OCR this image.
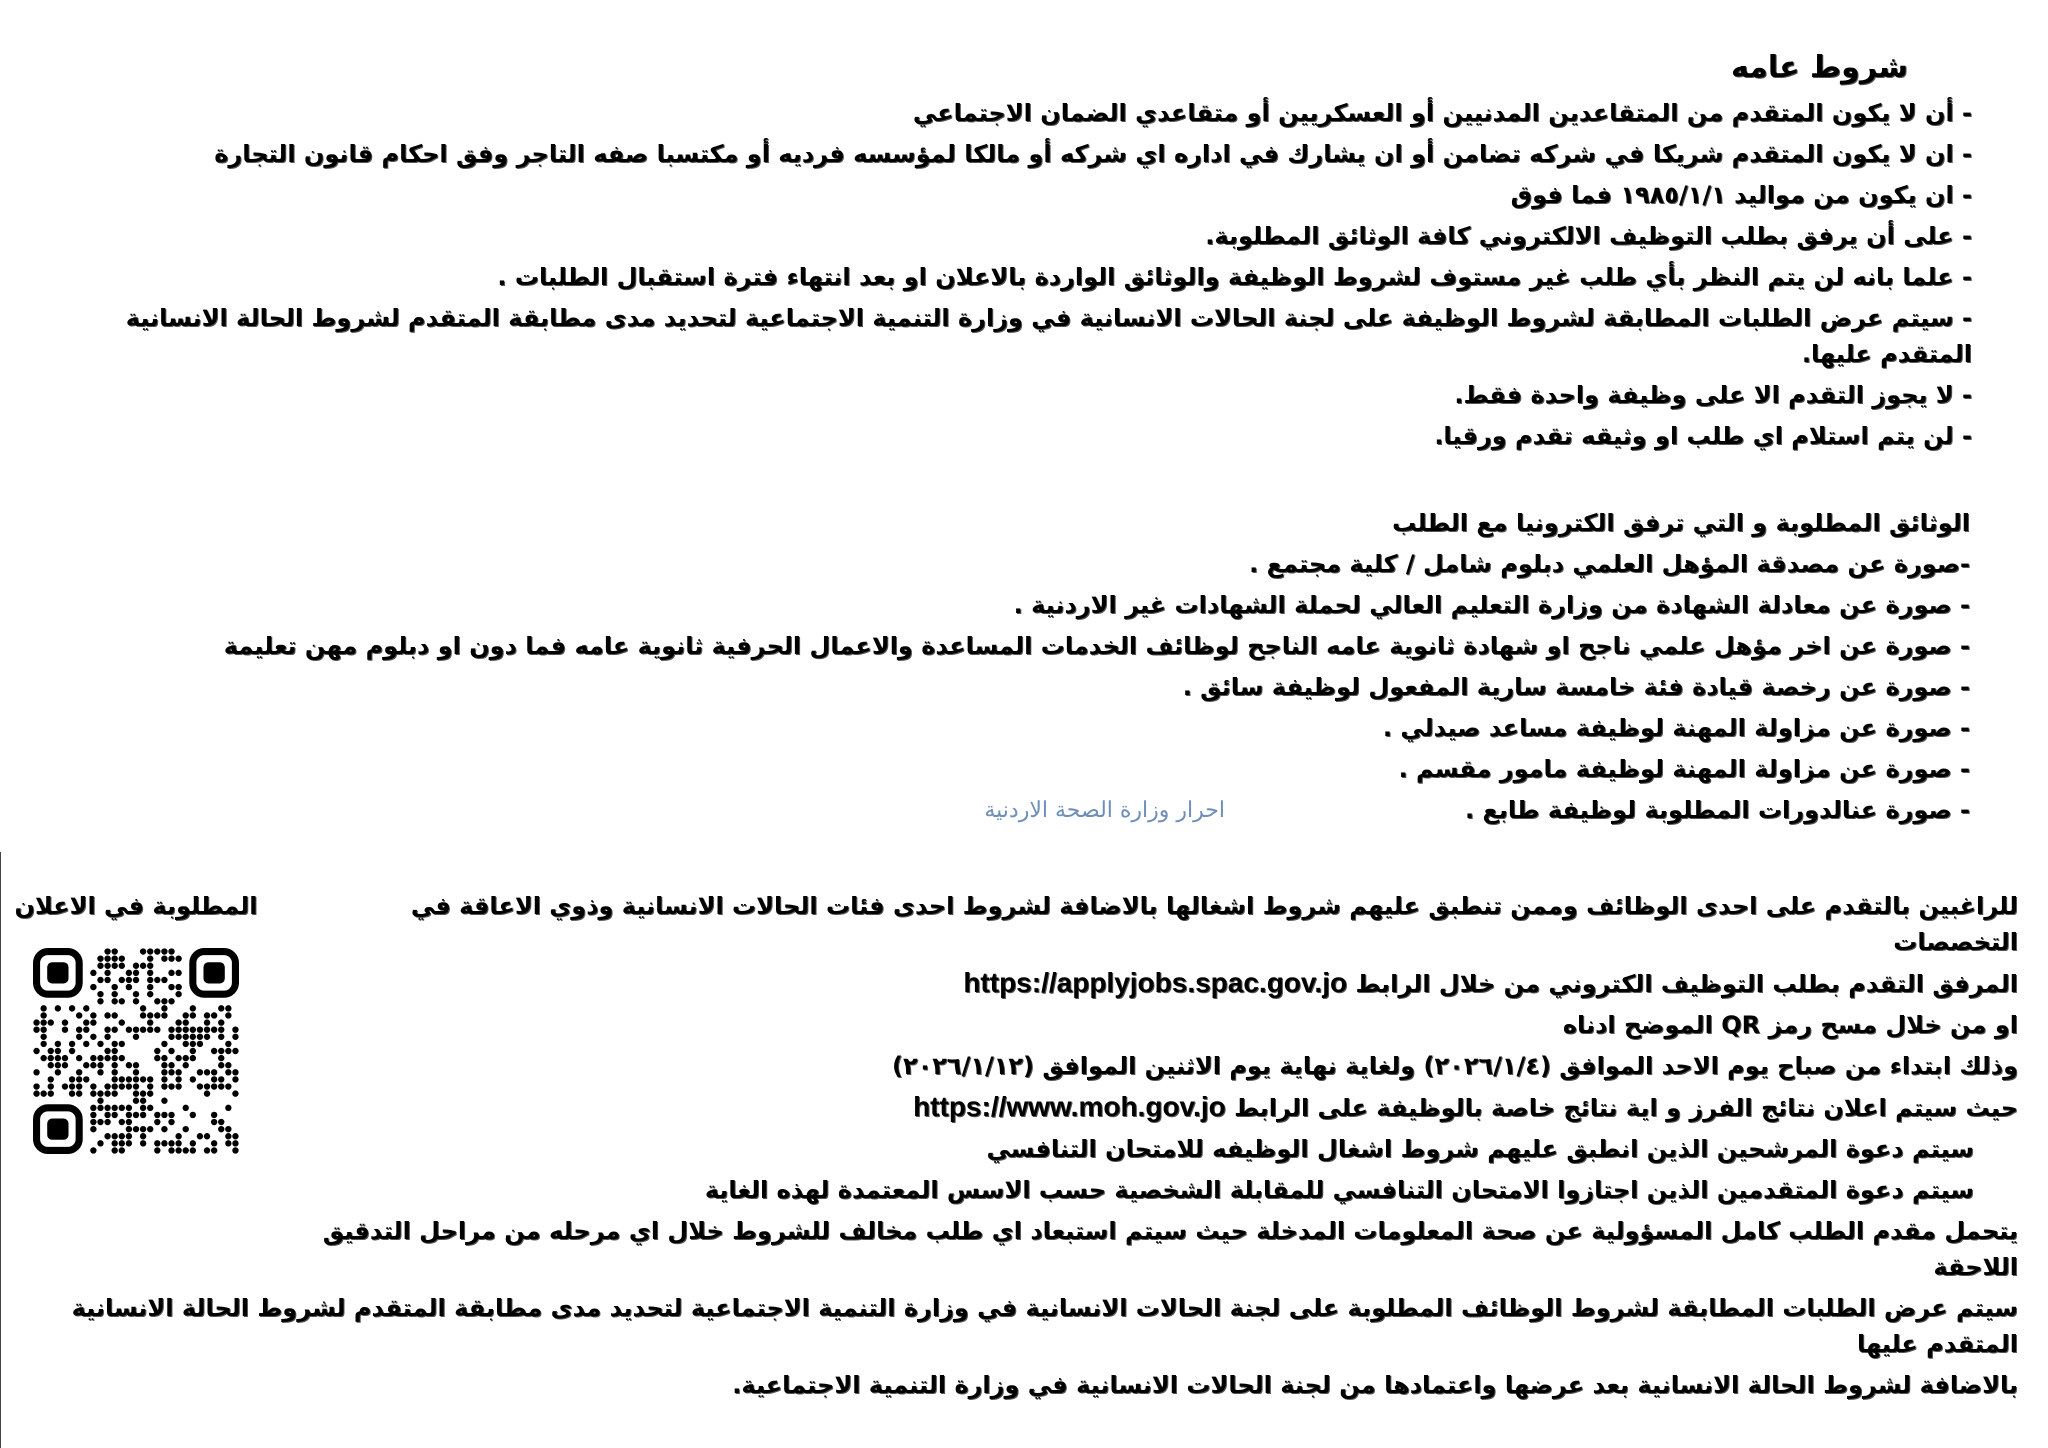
شروط عامه
- أن لا يكون المتقدم من المتقاعدين المدنيين أو العسكريين أو متقاعدي الضمان الاجتماعي
- ان لا يكون المتقدم شريكا في شركه تضامن أو ان يشارك في اداره اي شركه أو مالكا لمؤسسه فرديه أو مكتسبا صفه التاجر وفق احكام قانون التجارة
- ان يكون من مواليد ١٩٨٥/١/١ فما فوق
- على أن يرفق بطلب التوظيف الالكتروني كافة الوثائق المطلوبة.
- علما بانه لن يتم النظر بأي طلب غير مستوف لشروط الوظيفة والوثائق الواردة بالاعلان او بعد انتهاء فترة استقبال الطلبات .
- سيتم عرض الطلبات المطابقة لشروط الوظيفة على لجنة الحالات الانسانية في وزارة التنمية الاجتماعية لتحديد مدى مطابقة المتقدم لشروط الحالة الانسانية المتقدم عليها.
- لا يجوز التقدم الا على وظيفة واحدة فقط.
- لن يتم استلام اي طلب او وثيقه تقدم ورقيا.
الوثائق المطلوبة و التي ترفق الكترونيا مع الطلب
-صورة عن مصدقة المؤهل العلمي دبلوم شامل / كلية مجتمع .
- صورة عن معادلة الشهادة من وزارة التعليم العالي لحملة الشهادات غير الاردنية .
- صورة عن اخر مؤهل علمي ناجح او شهادة ثانوية عامه الناجح لوظائف الخدمات المساعدة والاعمال الحرفية ثانوية عامه فما دون او دبلوم مهن تعليمة
- صورة عن رخصة قيادة فئة خامسة سارية المفعول لوظيفة سائق .
- صورة عن مزاولة المهنة لوظيفة مساعد صيدلي .
- صورة عن مزاولة المهنة لوظيفة مامور مقسم .
- صورة عنالدورات المطلوبة لوظيفة طابع .
احرار وزارة الصحة الاردنية
المطلوبة في الاعلان	للراغبين بالتقدم على احدى الوظائف وممن تنطبق عليهم شروط اشغالها بالاضافة لشروط احدى فئات الحالات الانسانية وذوي الاعاقة في التخصصات
المرفق التقدم بطلب التوظيف الكتروني من خلال الرابط https://applyjobs.spac.gov.jo
او من خلال مسح رمز QR الموضح ادناه
وذلك ابتداء من صباح يوم الاحد الموافق (٢٠٢٦/١/٤) ولغاية نهاية يوم الاثنين الموافق (٢٠٢٦/١/١٢)
حيث سيتم اعلان نتائج الفرز و اية نتائج خاصة بالوظيفة على الرابط https://www.moh.gov.jo
سيتم دعوة المرشحين الذين انطبق عليهم شروط اشغال الوظيفه للامتحان التنافسي
سيتم دعوة المتقدمين الذين اجتازوا الامتحان التنافسي للمقابلة الشخصية حسب الاسس المعتمدة لهذه الغاية
يتحمل مقدم الطلب كامل المسؤولية عن صحة المعلومات المدخلة حيث سيتم استبعاد اي طلب مخالف للشروط خلال اي مرحله من مراحل التدقيق اللاحقة
سيتم عرض الطلبات المطابقة لشروط الوظائف المطلوبة على لجنة الحالات الانسانية في وزارة التنمية الاجتماعية لتحديد مدى مطابقة المتقدم لشروط الحالة الانسانية المتقدم عليها
بالاضافة لشروط الحالة الانسانية بعد عرضها واعتمادها من لجنة الحالات الانسانية في وزارة التنمية الاجتماعية.
